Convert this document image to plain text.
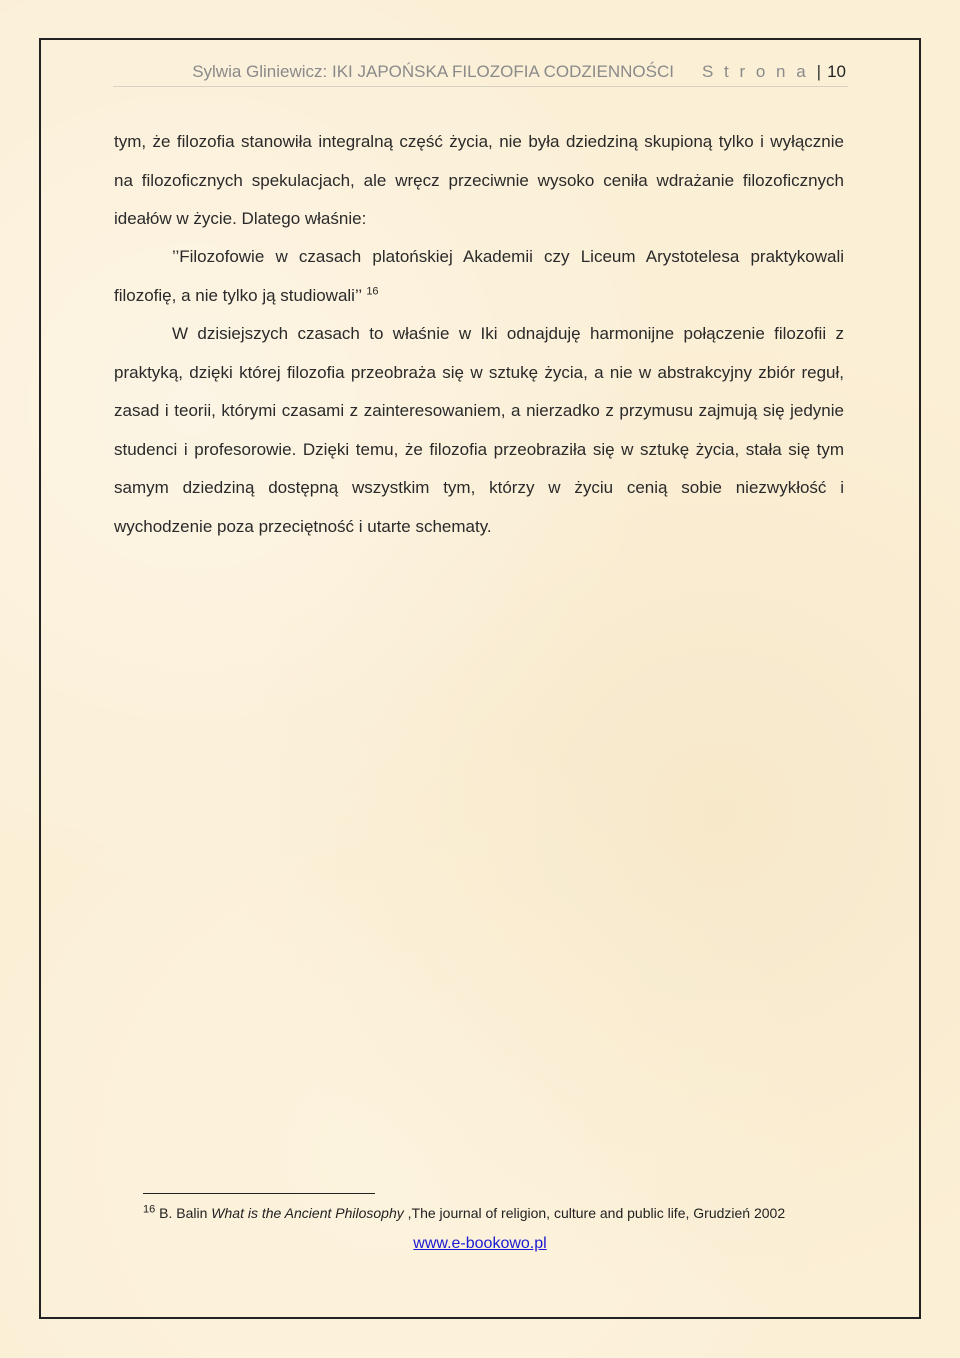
Sylwia Gliniewicz: IKI JAPOŃSKA FILOZOFIA CODZIENNOŚCI S t r o n a | 10

tym, że filozofia stanowiła integralną część życia, nie była dziedziną skupioną tylko i wyłącznie na filozoficznych spekulacjach, ale wręcz przeciwnie wysoko ceniła wdrażanie filozoficznych ideałów w życie. Dlatego właśnie:

’’Filozofowie w czasach platońskiej Akademii czy Liceum Arystotelesa praktykowali filozofię, a nie tylko ją studiowali’’ $^{16}$

W dzisiejszych czasach to właśnie w Iki odnajduję harmonijne połączenie filozofii z praktyką, dzięki której filozofia przeobraża się w sztukę życia, a nie w abstrakcyjny zbiór reguł, zasad i teorii, którymi czasami z zainteresowaniem, a nierzadko z przymusu zajmują się jedynie studenci i profesorowie. Dzięki temu, że filozofia przeobraziła się w sztukę życia, stała się tym samym dziedziną dostępną wszystkim tym, którzy w życiu cenią sobie niezwykłość i wychodzenie poza przeciętność i utarte schematy.

$^{16}$ B. Balin What is the Ancient Philosophy ,The journal of religion, culture and public life, Grudzień 2002

www.e-bookowo.pl
